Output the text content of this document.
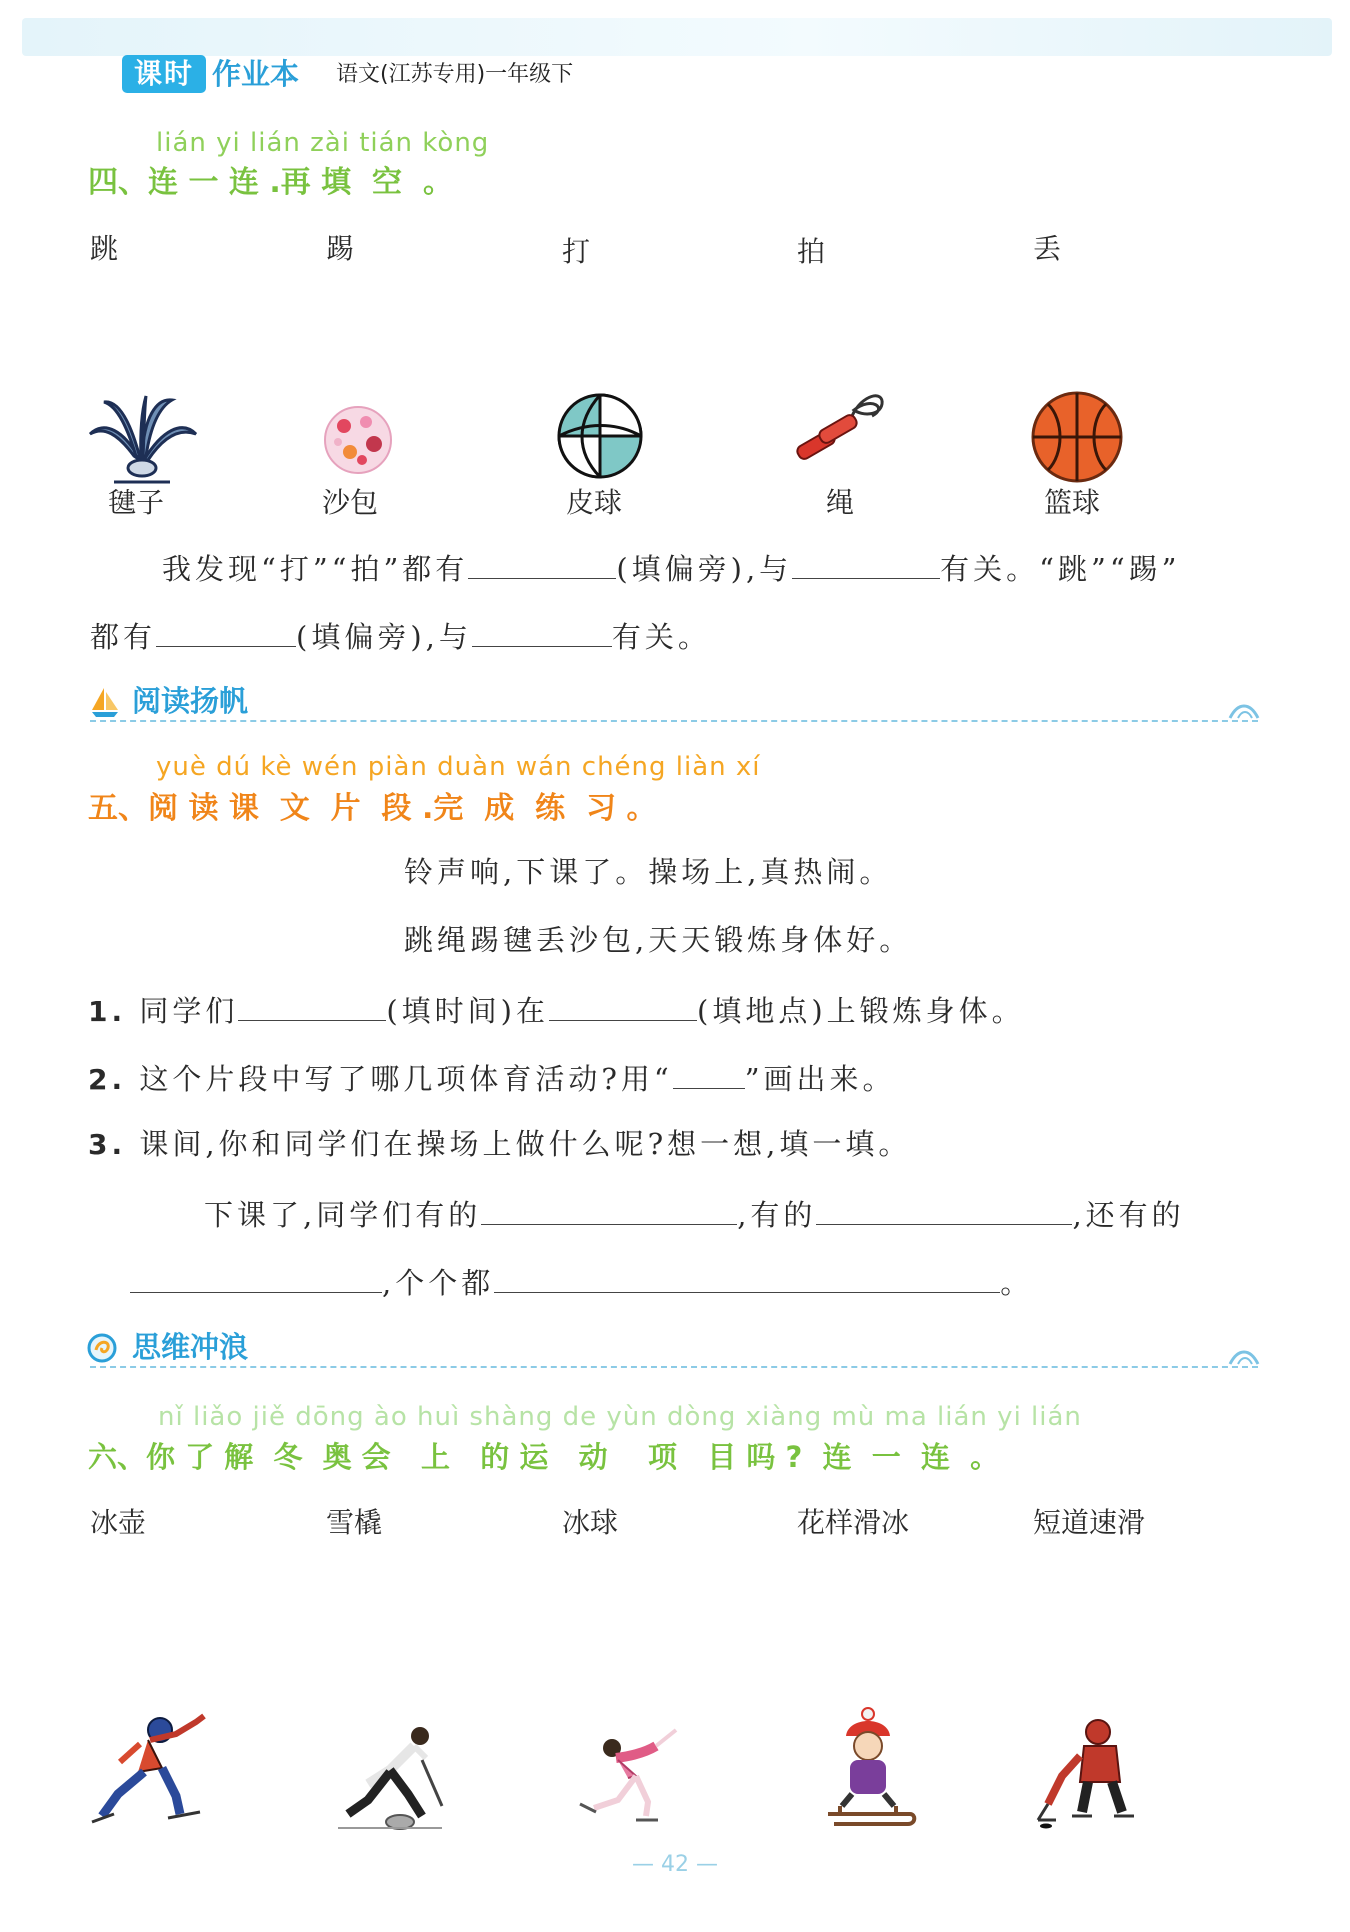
课时 作业本 语文(江苏专用)一年级下
lián yi lián zài tián kòng
四、连 一 连 .再 填  空  。
跳	踢	打	拍	丢
毽子	沙包	皮球	绳	篮球
我发现“打”“拍”都有	(填偏旁),与	有关。“跳”“踢”
都有	(填偏旁),与	有关。
阅读扬帆
yuè dú kè wén piàn duàn wán chéng liàn xí
五、阅 读 课  文  片  段 .完  成  练  习 。
铃声响,下课了。操场上,真热闹。
跳绳踢毽丢沙包,天天锻炼身体好。
1. 同学们	(填时间)在	(填地点)上锻炼身体。
2. 这个片段中写了哪几项体育活动?用“ ”画出来。
3. 课间,你和同学们在操场上做什么呢?想一想,填一填。
下课了,同学们有的	,有的	,还有的
,个个都	。
思维冲浪
nǐ liǎo jiě dōng ào huì shàng de yùn dòng xiàng mù ma lián yi lián
六、你 了 解  冬  奥 会   上   的 运   动    项   目 吗 ?  连  一  连  。
冰壶	雪橇	冰球	花样滑冰	短道速滑
— 42 —
